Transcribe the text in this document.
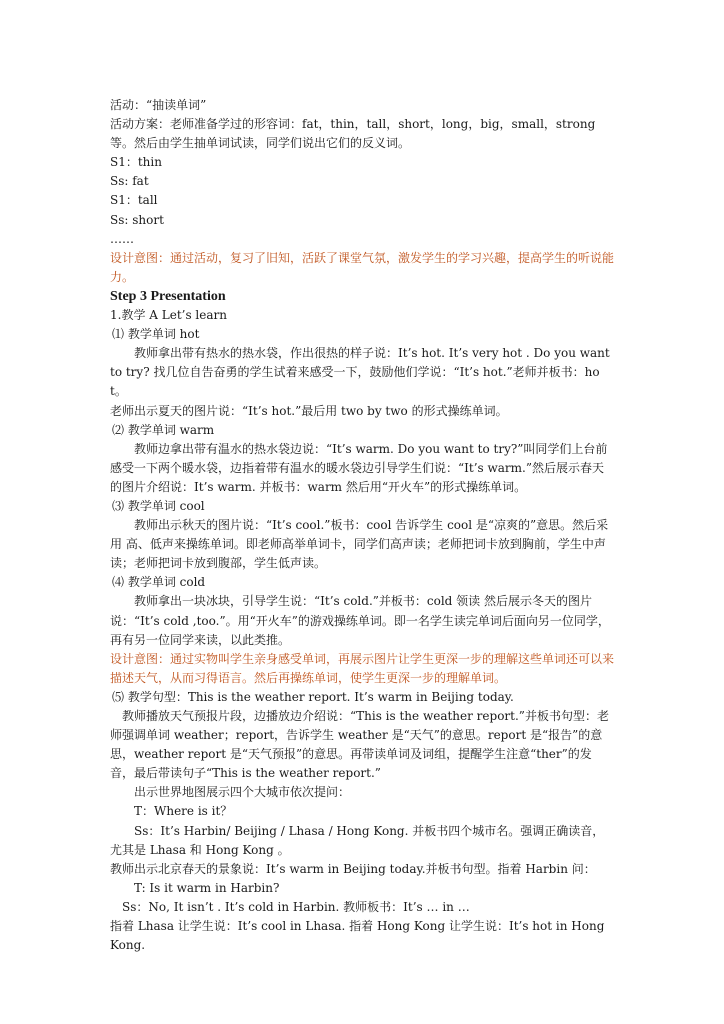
活动：“抽读单词”

活动方案：老师准备学过的形容词：fat，thin，tall，short，long，big，small，strong 等。然后由学生抽单词试读，同学们说出它们的反义词。

S1：thin

Ss: fat

S1：tall

Ss: short

……

设计意图：通过活动，复习了旧知，活跃了课堂气氛，激发学生的学习兴趣，提高学生的听说能力。

Step 3 Presentation

1.教学 A Let’s learn

⑴ 教学单词 hot

教师拿出带有热水的热水袋，作出很热的样子说：It’s hot. It’s very hot . Do you want to try? 找几位自告奋勇的学生试着来感受一下，鼓励他们学说：“It’s hot.”老师并板书：hot。

老师出示夏天的图片说：“It’s hot.”最后用 two by two 的形式操练单词。

⑵ 教学单词 warm

教师边拿出带有温水的热水袋边说：“It’s warm. Do you want to try?”叫同学们上台前感受一下两个暖水袋，边指着带有温水的暖水袋边引导学生们说：“It’s warm.”然后展示春天的图片介绍说：It’s warm. 并板书：warm 然后用“开火车”的形式操练单词。

⑶ 教学单词 cool

教师出示秋天的图片说：“It’s cool.”板书：cool 告诉学生 cool 是“凉爽的”意思。然后采用 高、低声来操练单词。即老师高举单词卡，同学们高声读；老师把词卡放到胸前，学生中声读；老师把词卡放到腹部，学生低声读。

⑷ 教学单词 cold

教师拿出一块冰块，引导学生说：“It’s cold.”并板书：cold 领读 然后展示冬天的图片说：“It’s cold ,too.”。用“开火车”的游戏操练单词。即一名学生读完单词后面向另一位同学，再有另一位同学来读，以此类推。

设计意图：通过实物叫学生亲身感受单词，再展示图片让学生更深一步的理解这些单词还可以来描述天气，从而习得语言。然后再操练单词，使学生更深一步的理解单词。

⑸ 教学句型：This is the weather report. It’s warm in Beijing today.

教师播放天气预报片段，边播放边介绍说：“This is the weather report.”并板书句型：老师强调单词 weather；report，告诉学生 weather 是“天气”的意思。report 是“报告”的意思，weather report 是“天气预报”的意思。再带读单词及词组，提醒学生注意“ther”的发音，最后带读句子“This is the weather report.”

出示世界地图展示四个大城市依次提问：

T：Where is it？

Ss：It’s Harbin/ Beijing / Lhasa / Hong Kong. 并板书四个城市名。强调正确读音，尤其是 Lhasa 和 Hong Kong 。

教师出示北京春天的景象说：It’s warm in Beijing today.并板书句型。指着 Harbin 问：

T: Is it warm in Harbin?

Ss：No, It isn’t . It’s cold in Harbin. 教师板书：It’s … in …

指着 Lhasa 让学生说：It’s cool in Lhasa. 指着 Hong Kong 让学生说：It’s hot in Hong Kong.
